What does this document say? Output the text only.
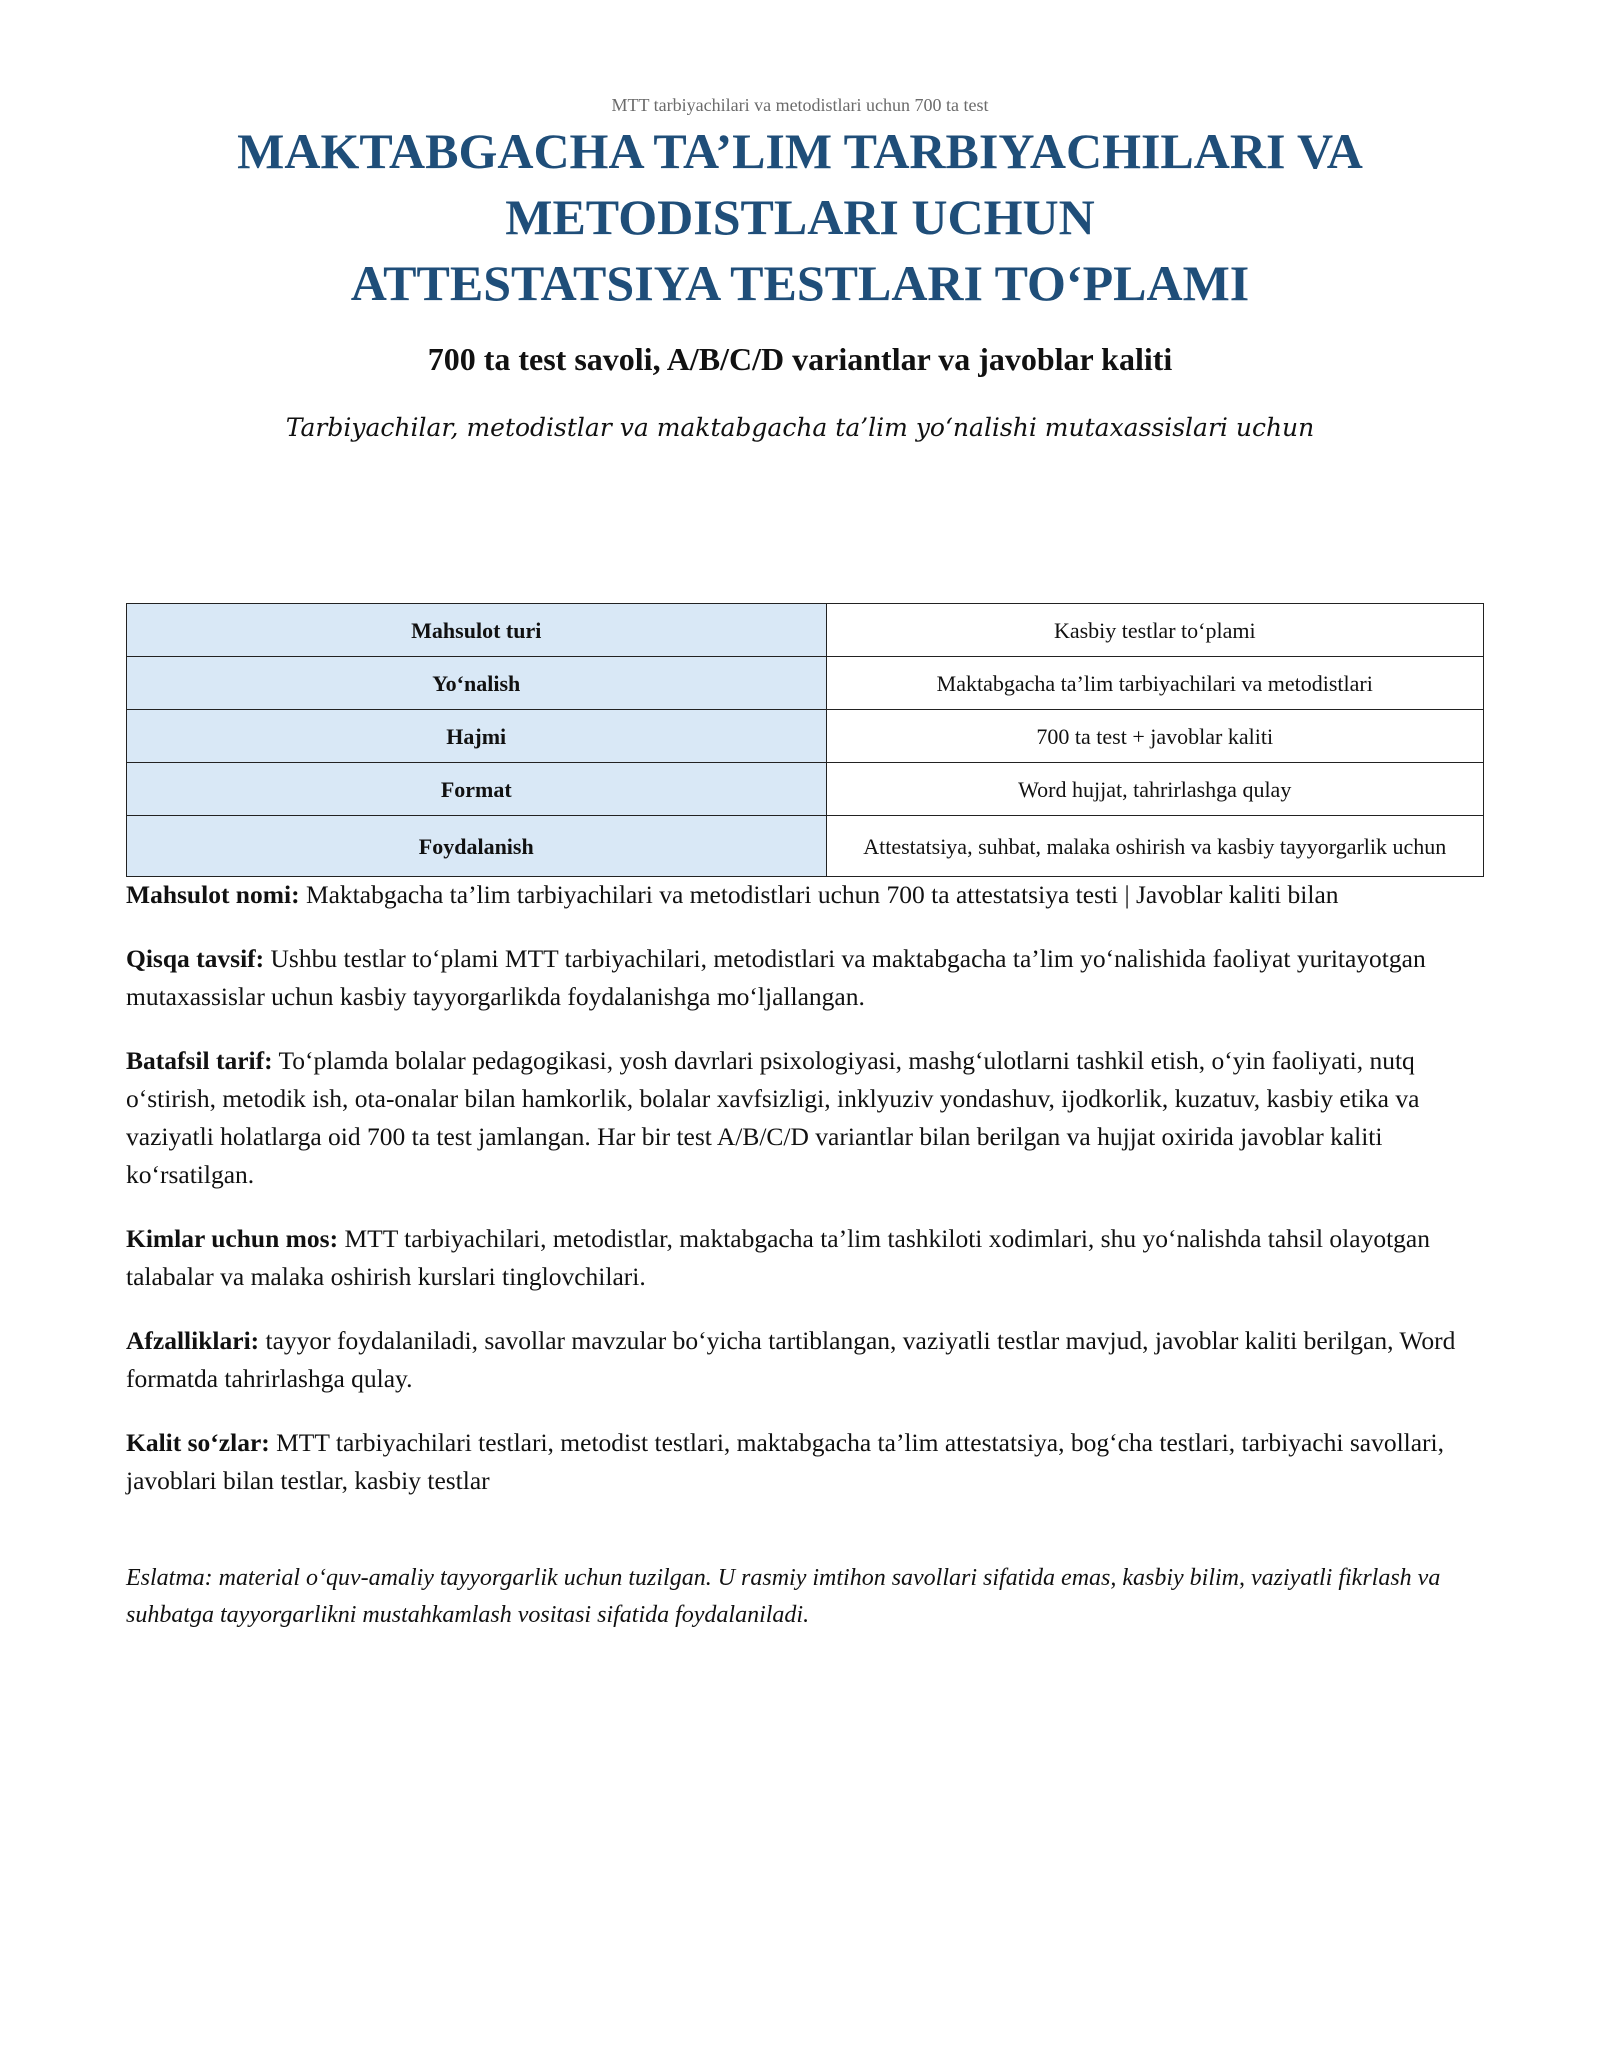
MTT tarbiyachilari va metodistlari uchun 700 ta test
MAKTABGACHA TA’LIM TARBIYACHILARI VA
METODISTLARI UCHUN
ATTESTATSIYA TESTLARI TO‘PLAMI
700 ta test savoli, A/B/C/D variantlar va javoblar kaliti
Tarbiyachilar, metodistlar va maktabgacha ta’lim yo‘nalishi mutaxassislari uchun
Mahsulot turi	Kasbiy testlar to‘plami
Yo‘nalish	Maktabgacha ta’lim tarbiyachilari va metodistlari
Hajmi	700 ta test + javoblar kaliti
Format	Word hujjat, tahrirlashga qulay
Foydalanish	Attestatsiya, suhbat, malaka oshirish va kasbiy tayyorgarlik uchun

Mahsulot nomi: Maktabgacha ta’lim tarbiyachilari va metodistlari uchun 700 ta attestatsiya testi | Javoblar kaliti bilan

Qisqa tavsif: Ushbu testlar to‘plami MTT tarbiyachilari, metodistlari va maktabgacha ta’lim yo‘nalishida faoliyat yuritayotgan mutaxassislar uchun kasbiy tayyorgarlikda foydalanishga mo‘ljallangan.

Batafsil tarif: To‘plamda bolalar pedagogikasi, yosh davrlari psixologiyasi, mashg‘ulotlarni tashkil etish, o‘yin faoliyati, nutq o‘stirish, metodik ish, ota-onalar bilan hamkorlik, bolalar xavfsizligi, inklyuziv yondashuv, ijodkorlik, kuzatuv, kasbiy etika va vaziyatli holatlarga oid 700 ta test jamlangan. Har bir test A/B/C/D variantlar bilan berilgan va hujjat oxirida javoblar kaliti ko‘rsatilgan.

Kimlar uchun mos: MTT tarbiyachilari, metodistlar, maktabgacha ta’lim tashkiloti xodimlari, shu yo‘nalishda tahsil olayotgan talabalar va malaka oshirish kurslari tinglovchilari.

Afzalliklari: tayyor foydalaniladi, savollar mavzular bo‘yicha tartiblangan, vaziyatli testlar mavjud, javoblar kaliti berilgan, Word formatda tahrirlashga qulay.

Kalit so‘zlar: MTT tarbiyachilari testlari, metodist testlari, maktabgacha ta’lim attestatsiya, bog‘cha testlari, tarbiyachi savollari, javoblari bilan testlar, kasbiy testlar

Eslatma: material o‘quv-amaliy tayyorgarlik uchun tuzilgan. U rasmiy imtihon savollari sifatida emas, kasbiy bilim, vaziyatli fikrlash va suhbatga tayyorgarlikni mustahkamlash vositasi sifatida foydalaniladi.
